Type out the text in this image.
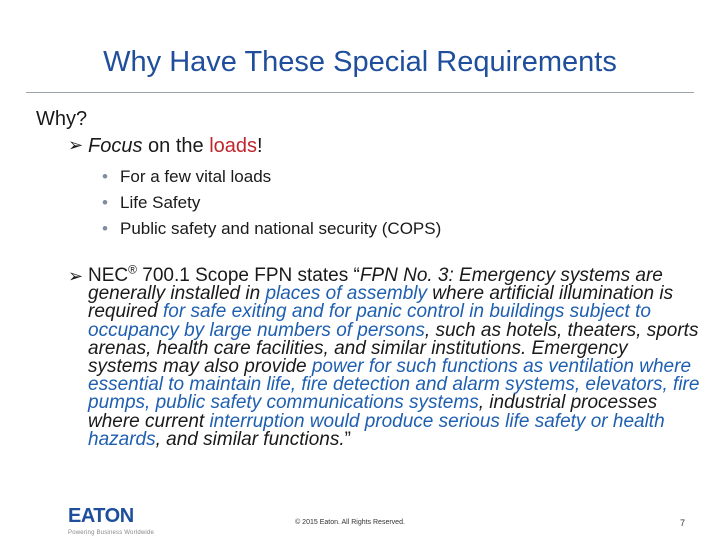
Why Have These Special Requirements
Why?
➢ Focus on the loads!
• For a few vital loads
• Life Safety
• Public safety and national security (COPS)
➢ NEC® 700.1 Scope FPN states “FPN No. 3: Emergency systems are generally installed in places of assembly where artificial illumination is required for safe exiting and for panic control in buildings subject to occupancy by large numbers of persons, such as hotels, theaters, sports arenas, health care facilities, and similar institutions. Emergency systems may also provide power for such functions as ventilation where essential to maintain life, fire detection and alarm systems, elevators, fire pumps, public safety communications systems, industrial processes where current interruption would produce serious life safety or health hazards, and similar functions.”
EATON
Powering Business Worldwide
© 2015 Eaton. All Rights Reserved.	7
